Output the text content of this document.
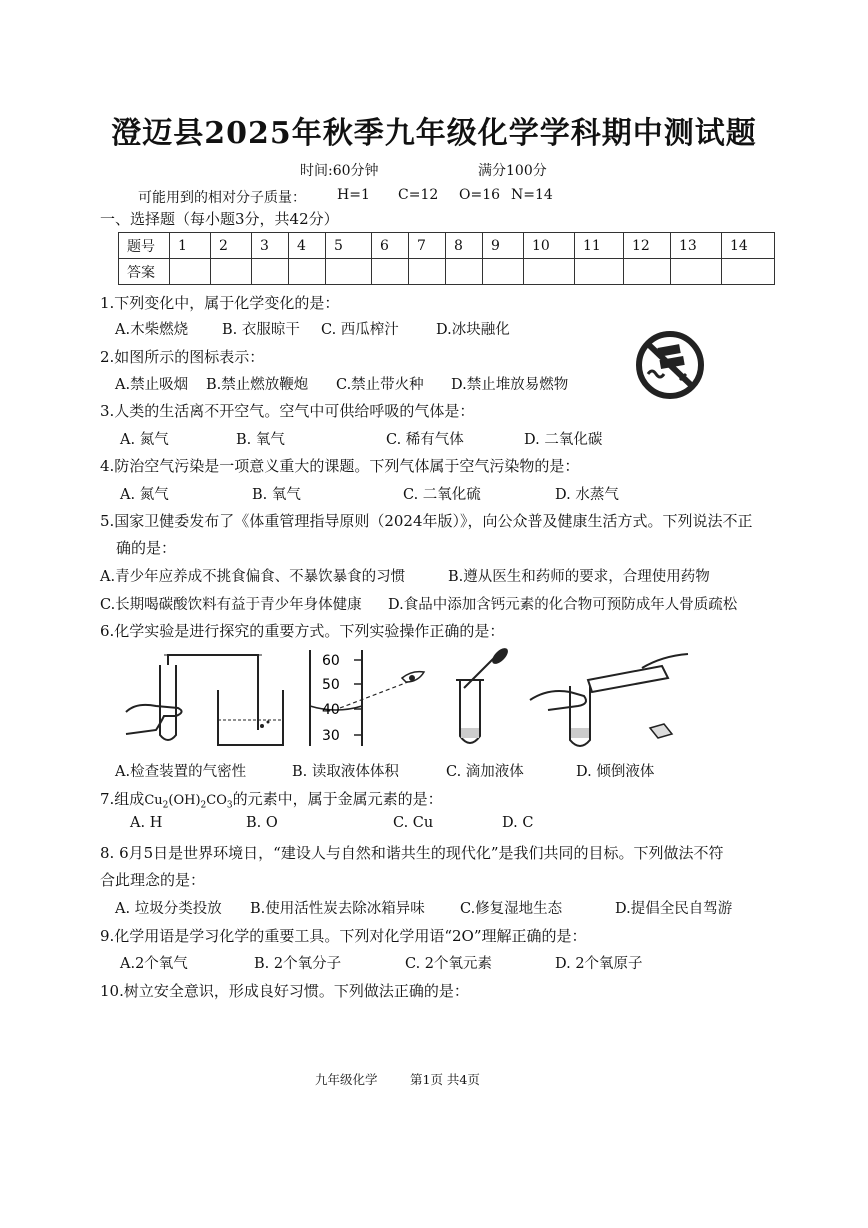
澄迈县2025年秋季九年级化学学科期中测试题
时间:60分钟	满分100分
可能用到的相对分子质量： H=1 C=12 O=16 N=14
一、选择题（每小题3分，共42分）
题号	1	2	3	4	5	6	7	8	9	10	11	12	13	14
答案														
1.下列变化中，属于化学变化的是：
A.木柴燃烧 B. 衣服晾干 C. 西瓜榨汁	D.冰块融化
2.如图所示的图标表示：
A.禁止吸烟 B.禁止燃放鞭炮 C.禁止带火种 D.禁止堆放易燃物
3.人类的生活离不开空气。空气中可供给呼吸的气体是：
A. 氮气	B. 氧气	C. 稀有气体	D. 二氧化碳
4.防治空气污染是一项意义重大的课题。下列气体属于空气污染物的是：
A. 氮气	B. 氧气	C. 二氧化硫	D. 水蒸气
5.国家卫健委发布了《体重管理指导原则（2024年版）》，向公众普及健康生活方式。下列说法不正
确的是：
A.青少年应养成不挑食偏食、不暴饮暴食的习惯	B.遵从医生和药师的要求，合理使用药物
C.长期喝碳酸饮料有益于青少年身体健康 D.食品中添加含钙元素的化合物可预防成年人骨质疏松
6.化学实验是进行探究的重要方式。下列实验操作正确的是：
60
50
40
30
A.检查装置的气密性	B. 读取液体体积	C. 滴加液体	D. 倾倒液体
7.组成$Cu_2(OH)_2CO_3$的元素中，属于金属元素的是：
A. H	B. O	C. Cu	D. C
8. 6月5日是世界环境日，“建设人与自然和谐共生的现代化”是我们共同的目标。下列做法不符
合此理念的是：
A. 垃圾分类投放 B.使用活性炭去除冰箱异味 C.修复湿地生态	D.提倡全民自驾游
9.化学用语是学习化学的重要工具。下列对化学用语“2O”理解正确的是：
A.2个氧气	B. 2个氧分子	C. 2个氧元素	D. 2个氧原子
10.树立安全意识，形成良好习惯。下列做法正确的是：
九年级化学	第1页 共4页
